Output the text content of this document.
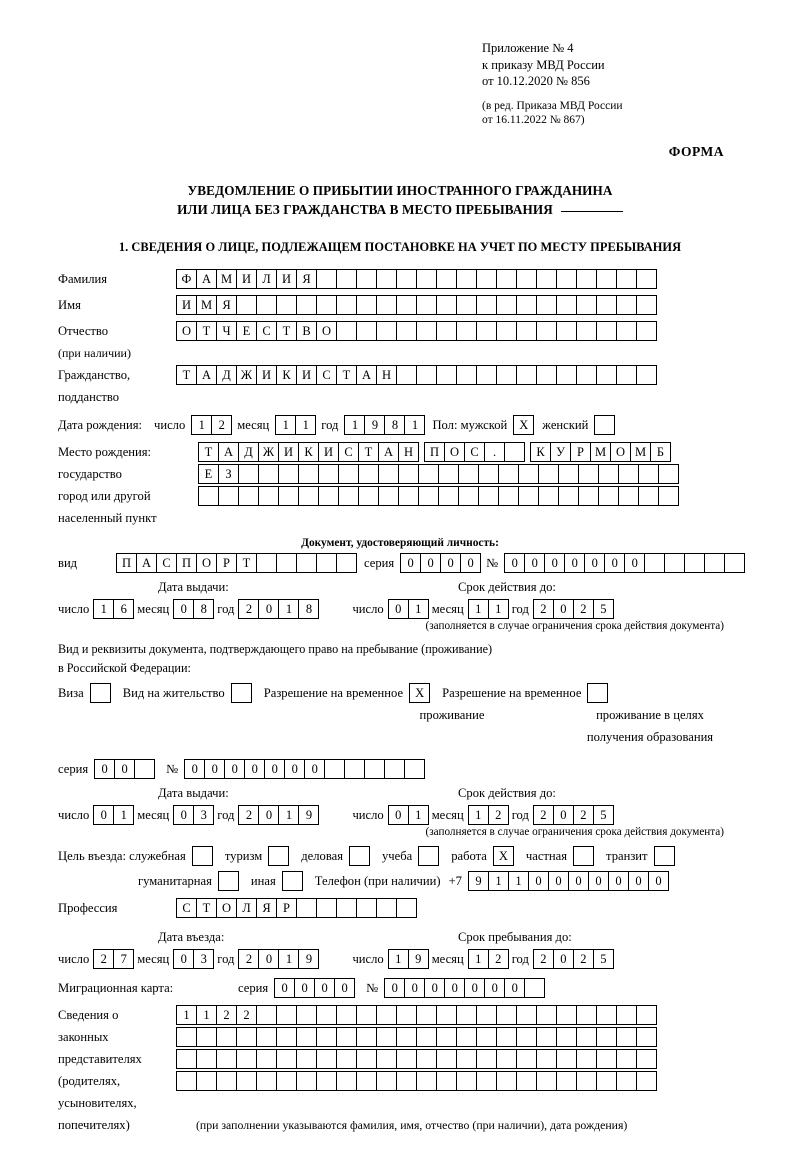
Приложение № 4
к приказу МВД России
от 10.12.2020 № 856
(в ред. Приказа МВД России
от 16.11.2022 № 867)
ФОРМА
УВЕДОМЛЕНИЕ О ПРИБЫТИИ ИНОСТРАННОГО ГРАЖДАНИНА
ИЛИ ЛИЦА БЕЗ ГРАЖДАНСТВА В МЕСТО ПРЕБЫВАНИЯ
1. СВЕДЕНИЯ О ЛИЦЕ, ПОДЛЕЖАЩЕМ ПОСТАНОВКЕ НА УЧЕТ ПО МЕСТУ ПРЕБЫВАНИЯ
Фамилия	Ф А М И Л И Я
Имя	И М Я
Отчество	О Т Ч Е С Т В О
(при наличии)
Гражданство,	Т А Д Ж И К И С Т А Н
подданство
Дата рождения: число	1	2 месяц	1	1 год	1	9	8	1	Пол: мужской X	женский
Место рождения:	Т А Д Ж И К И С Т А Н	П О С	.	К У Р М О М Б
государство	Е	З
город или другой
населенный пункт
Документ, удостоверяющий личность:
вид	П А С П О Р	Т	серия	0	0	0	0 №	0	0	0	0	0	0	0
Дата выдачи:	Срок действия до:
число 1	6 месяц 0	8 год 2	0	1	8	число 0	1 месяц 1	1 год 2	0	2	5
(заполняется в случае ограничения срока действия документа)
Вид и реквизиты документа, подтверждающего право на пребывание (проживание)
в Российской Федерации:
Виза	Вид на жительство	Разрешение на временное X	Разрешение на временное
проживание	проживание в целях
получения образования
серия	0	0	№	0	0	0	0	0	0	0
Дата выдачи:	Срок действия до:
число 0	1 месяц 0	3 год 2	0	1	9	число 0	1 месяц 1	2 год 2	0	2	5
(заполняется в случае ограничения срока действия документа)
Цель въезда: служебная	туризм	деловая	учеба	работа X	частная	транзит
гуманитарная	иная	Телефон (при наличии) +7	9	1	1	0	0	0	0	0	0	0
Профессия	С Т О Л Я Р
Дата въезда:	Срок пребывания до:
число 2	7 месяц 0	3 год 2	0	1	9	число 1	9 месяц 1	2 год 2	0	2	5
Миграционная карта:	серия	0	0	0	0	№	0	0	0	0	0	0	0
Сведения о	1	1	2	2
законных
представителях
(родителях,
усыновителях,
попечителях)	(при заполнении указываются фамилия, имя, отчество (при наличии), дата рождения)
